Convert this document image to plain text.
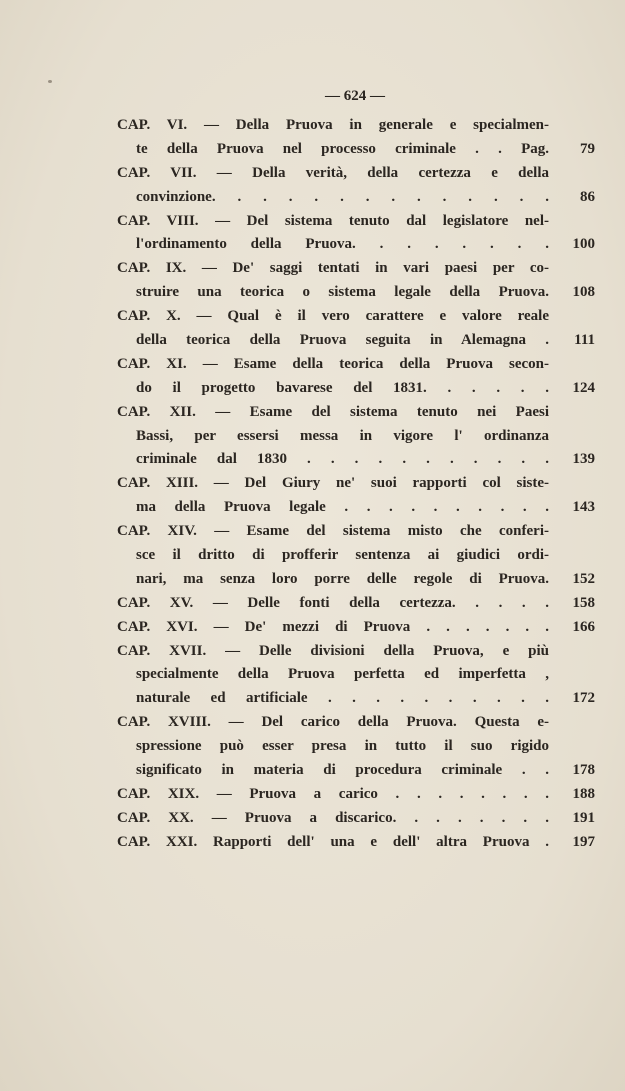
— 624 —
CAP. VI. — Della Pruova in generale e specialmen-
te della Pruova nel processo criminale . . Pag.	79
CAP. VII. — Della verità, della certezza e della
convinzione. . . . . . . . . . . . . .	86
CAP. VIII. — Del sistema tenuto dal legislatore nel-
l'ordinamento della Pruova. . . . . . . .	100
CAP. IX. — De' saggi tentati in vari paesi per co-
struire una teorica o sistema legale della Pruova.	108
CAP. X. — Qual è il vero carattere e valore reale
della teorica della Pruova seguita in Alemagna .	111
CAP. XI. — Esame della teorica della Pruova secon-
do il progetto bavarese del 1831. . . . . .	124
CAP. XII. — Esame del sistema tenuto nei Paesi
Bassi, per essersi messa in vigore l' ordinanza
criminale dal 1830 . . . . . . . . . . .	139
CAP. XIII. — Del Giury ne' suoi rapporti col siste-
ma della Pruova legale . . . . . . . . . .	143
CAP. XIV. — Esame del sistema misto che conferi-
sce il dritto di profferir sentenza ai giudici ordi-
nari, ma senza loro porre delle regole di Pruova.	152
CAP. XV. — Delle fonti della certezza. . . . .	158
CAP. XVI. — De' mezzi di Pruova . . . . . . .	166
CAP. XVII. — Delle divisioni della Pruova, e più
specialmente della Pruova perfetta ed imperfetta ,
naturale ed artificiale . . . . . . . . . .	172
CAP. XVIII. — Del carico della Pruova. Questa e-
spressione può esser presa in tutto il suo rigido
significato in materia di procedura criminale . .	178
CAP. XIX. — Pruova a carico . . . . . . . .	188
CAP. XX. — Pruova a discarico. . . . . . . .	191
CAP. XXI. Rapporti dell' una e dell' altra Pruova .	197
